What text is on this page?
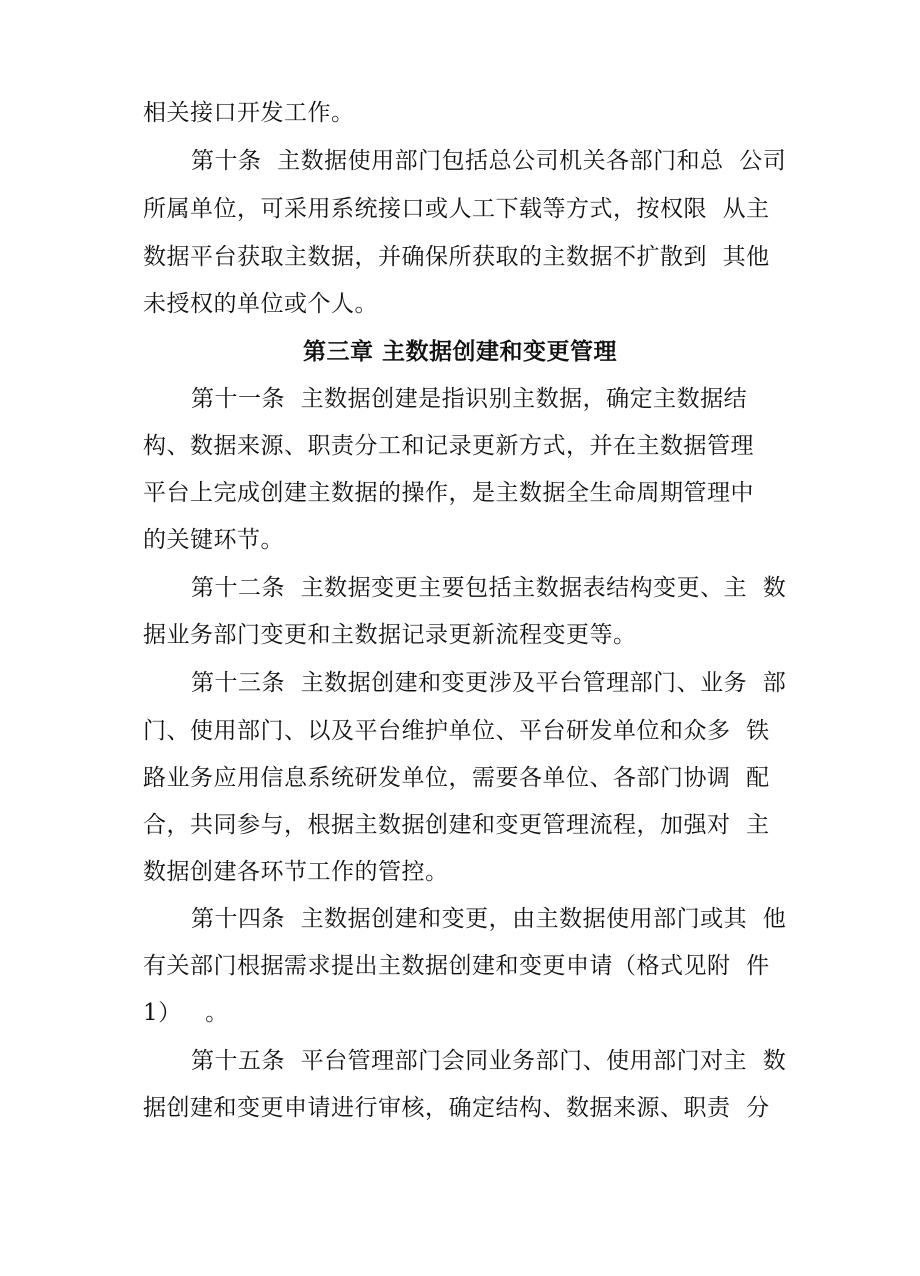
相关接口开发工作。
第十条  主数据使用部门包括总公司机关各部门和总  公司
所属单位，可采用系统接口或人工下载等方式，按权限  从主
数据平台获取主数据，并确保所获取的主数据不扩散到  其他
未授权的单位或个人。
第三章 主数据创建和变更管理
第十一条  主数据创建是指识别主数据，确定主数据结
构、数据来源、职责分工和记录更新方式，并在主数据管理
平台上完成创建主数据的操作，是主数据全生命周期管理中
的关键环节。
第十二条  主数据变更主要包括主数据表结构变更、主  数
据业务部门变更和主数据记录更新流程变更等。
第十三条  主数据创建和变更涉及平台管理部门、业务  部
门、使用部门、以及平台维护单位、平台研发单位和众多  铁
路业务应用信息系统研发单位，需要各单位、各部门协调  配
合，共同参与，根据主数据创建和变更管理流程，加强对  主
数据创建各环节工作的管控。
第十四条  主数据创建和变更，由主数据使用部门或其  他
有关部门根据需求提出主数据创建和变更申请（格式见附  件
1）   。
第十五条  平台管理部门会同业务部门、使用部门对主  数
据创建和变更申请进行审核，确定结构、数据来源、职责  分
